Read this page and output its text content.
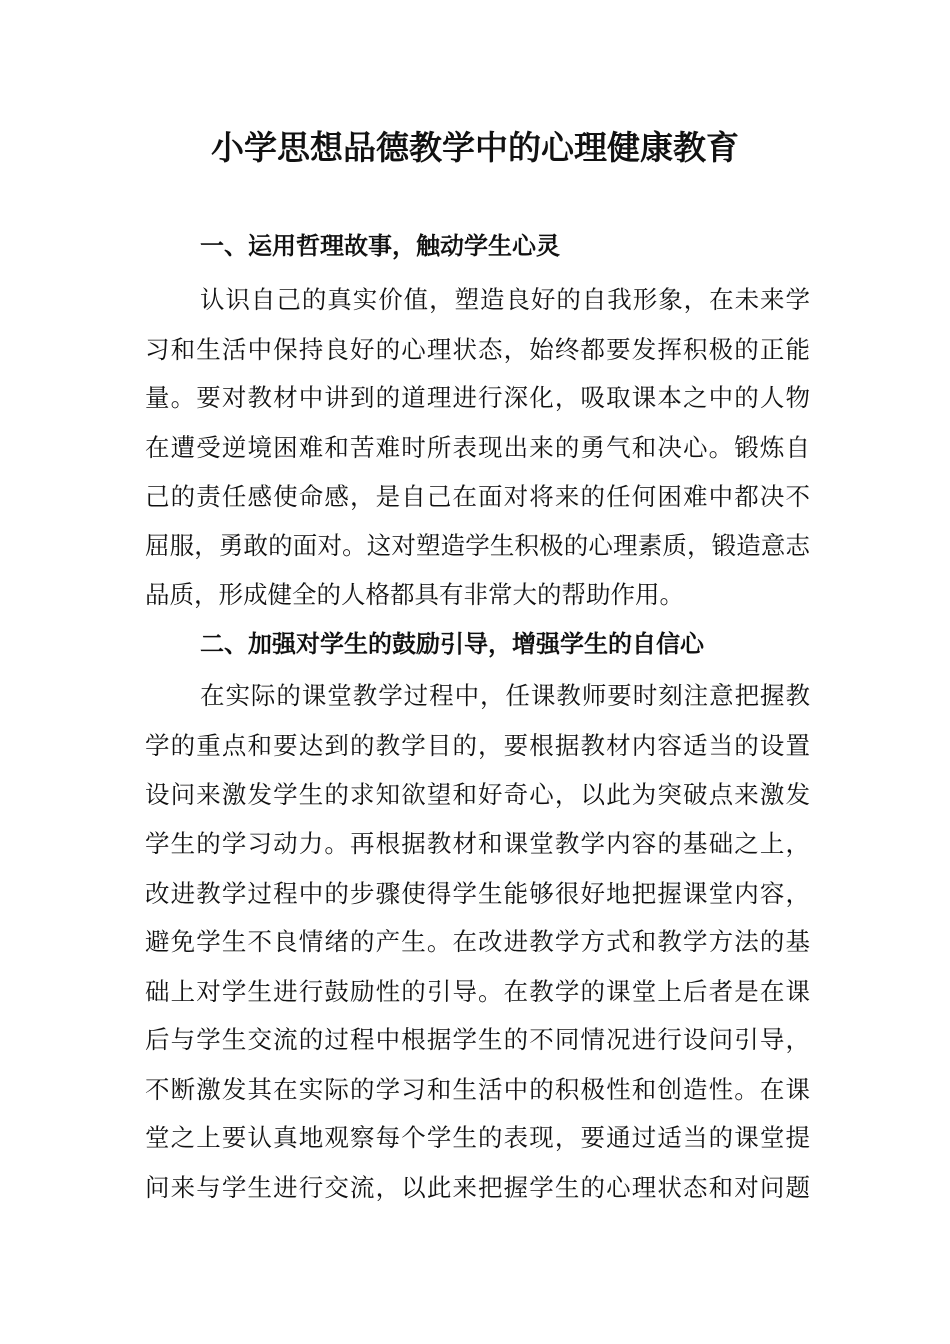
小学思想品德教学中的心理健康教育
一、运用哲理故事，触动学生心灵
认识自己的真实价值，塑造良好的自我形象，在未来学
习和生活中保持良好的心理状态，始终都要发挥积极的正能
量。要对教材中讲到的道理进行深化，吸取课本之中的人物
在遭受逆境困难和苦难时所表现出来的勇气和决心。锻炼自
己的责任感使命感，是自己在面对将来的任何困难中都决不
屈服，勇敢的面对。这对塑造学生积极的心理素质，锻造意志
品质，形成健全的人格都具有非常大的帮助作用。
二、加强对学生的鼓励引导，增强学生的自信心
在实际的课堂教学过程中，任课教师要时刻注意把握教
学的重点和要达到的教学目的，要根据教材内容适当的设置
设问来激发学生的求知欲望和好奇心，以此为突破点来激发
学生的学习动力。再根据教材和课堂教学内容的基础之上，
改进教学过程中的步骤使得学生能够很好地把握课堂内容，
避免学生不良情绪的产生。在改进教学方式和教学方法的基
础上对学生进行鼓励性的引导。在教学的课堂上后者是在课
后与学生交流的过程中根据学生的不同情况进行设问引导，
不断激发其在实际的学习和生活中的积极性和创造性。在课
堂之上要认真地观察每个学生的表现，要通过适当的课堂提
问来与学生进行交流，以此来把握学生的心理状态和对问题
